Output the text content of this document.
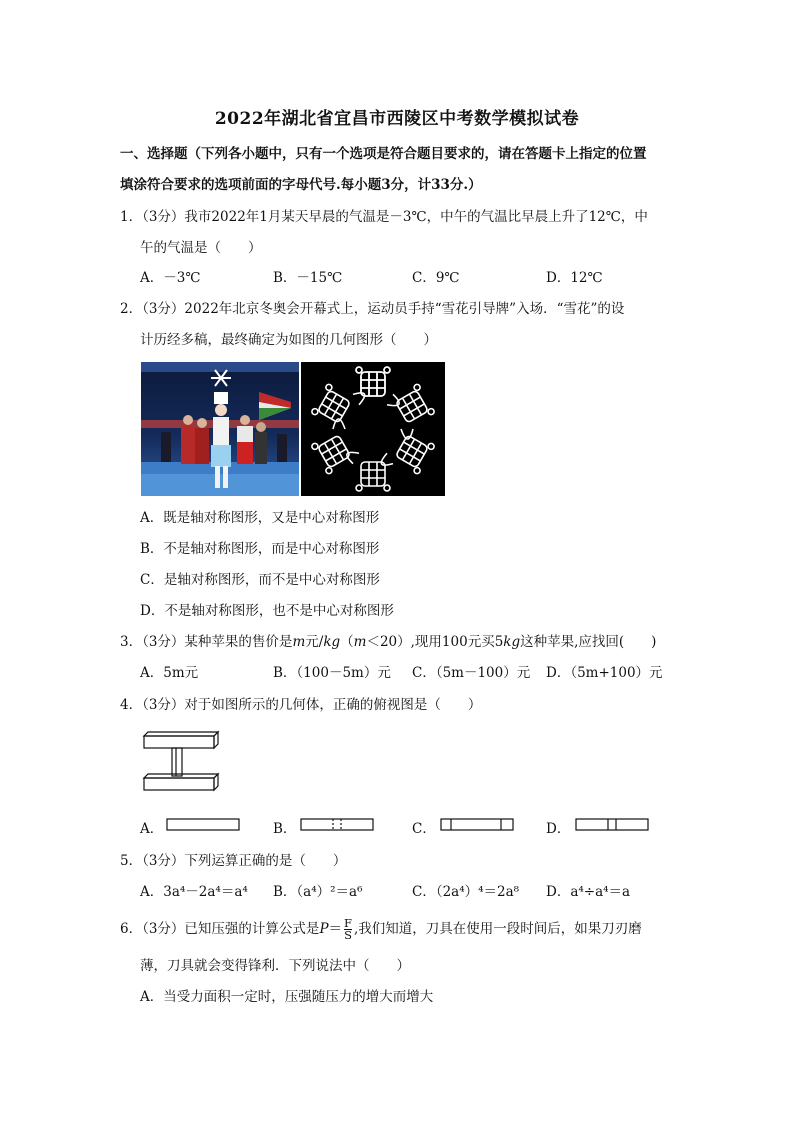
2022年湖北省宜昌市西陵区中考数学模拟试卷
一、选择题（下列各小题中，只有一个选项是符合题目要求的，请在答题卡上指定的位置
填涂符合要求的选项前面的字母代号.每小题3分，计33分.）
1．（3分）我市2022年1月某天早晨的气温是－3℃，中午的气温比早晨上升了12℃，中
午的气温是（　　）
A．－3℃	B．－15℃	C．9℃	D．12℃
2．（3分）2022年北京冬奥会开幕式上，运动员手持“雪花引导牌”入场．“雪花”的设
计历经多稿，最终确定为如图的几何图形（　　）
A．既是轴对称图形，又是中心对称图形
B．不是轴对称图形，而是中心对称图形
C．是轴对称图形，而不是中心对称图形
D．不是轴对称图形，也不是中心对称图形
3．（3分）某种苹果的售价是m元/kg（m＜20）,现用100元买5kg这种苹果,应找回(　　)
A．5m元	B．（100－5m）元 C．（5m－100）元 D．（5m+100）元
4．（3分）对于如图所示的几何体，正确的俯视图是（　　）
A．	B．	C．	D．
5．（3分）下列运算正确的是（　　）
A．3a⁴－2a⁴＝a⁴ B．（a⁴）²＝a⁶	C．（2a⁴）⁴＝2a⁸ D．a⁴÷a⁴＝a
6．（3分）已知压强的计算公式是$P= \frac{F}{S}$ ,我们知道，刀具在使用一段时间后，如果刀刃磨
薄，刀具就会变得锋利．下列说法中（　　）
A．当受力面积一定时，压强随压力的增大而增大
